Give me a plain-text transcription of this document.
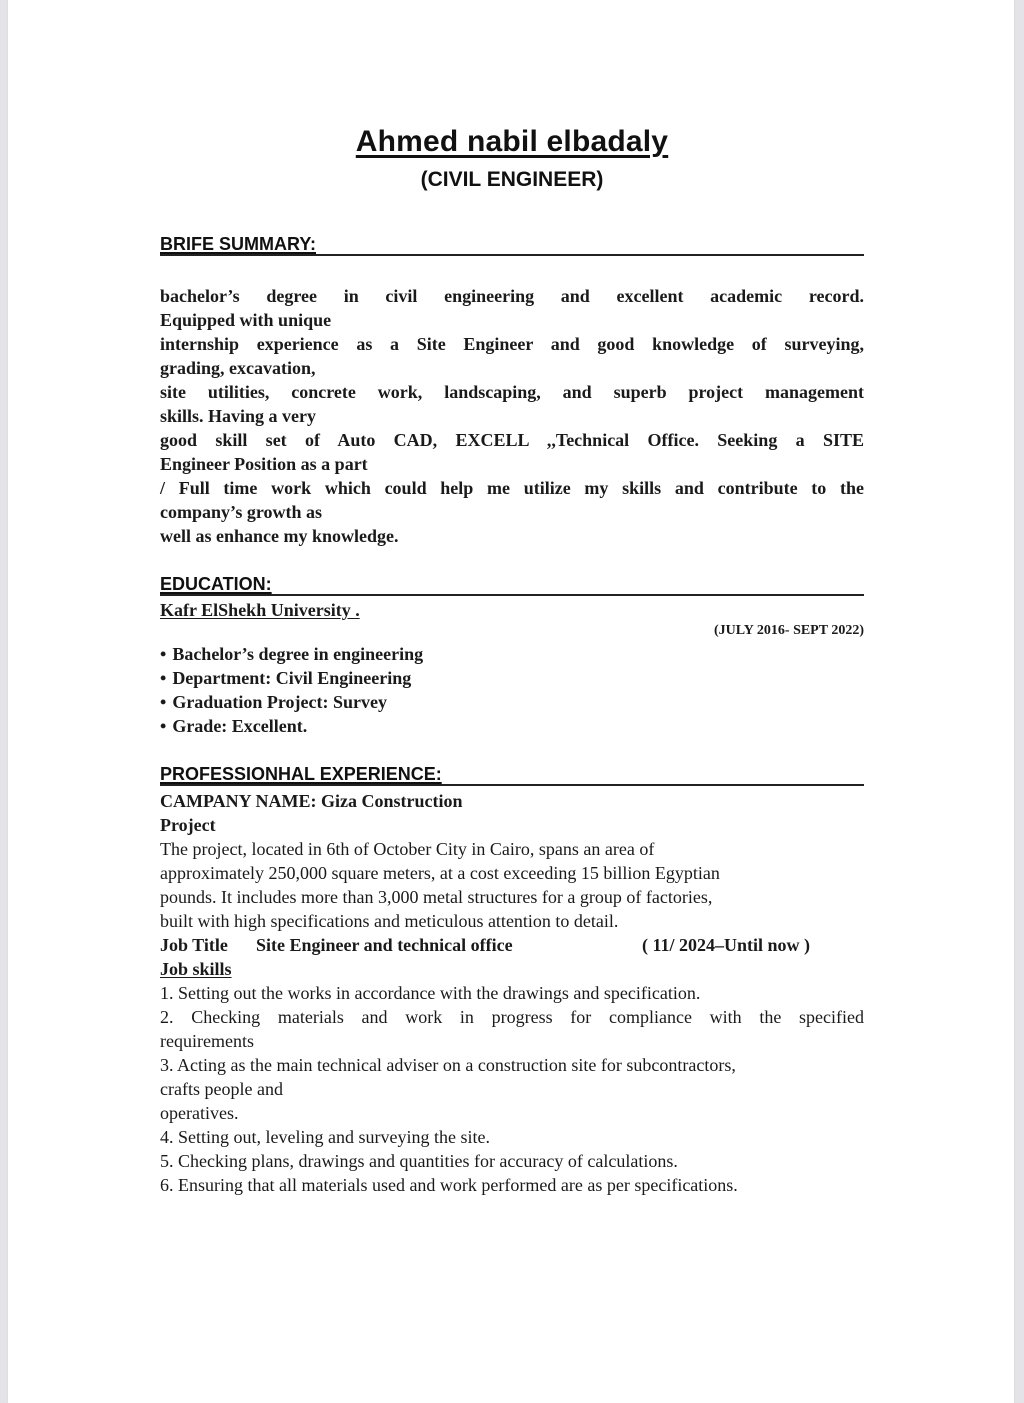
Ahmed nabil elbadaly
(CIVIL ENGINEER)
BRIFE SUMMARY:
bachelor’s degree in civil engineering and excellent academic record.
Equipped with unique
internship experience as a Site Engineer and good knowledge of surveying,
grading, excavation,
site utilities, concrete work, landscaping, and superb project management
skills. Having a very
good skill set of Auto CAD, EXCELL ,,Technical Office. Seeking a SITE
Engineer Position as a part
/ Full time work which could help me utilize my skills and contribute to the
company’s growth as
well as enhance my knowledge.
EDUCATION:
Kafr ElShekh University .
(JULY 2016- SEPT 2022)
• Bachelor’s degree in engineering
• Department: Civil Engineering
• Graduation Project: Survey
• Grade: Excellent.
PROFESSIONHAL EXPERIENCE:
CAMPANY NAME: Giza Construction
Project
The project, located in 6th of October City in Cairo, spans an area of
approximately 250,000 square meters, at a cost exceeding 15 billion Egyptian
pounds. It includes more than 3,000 metal structures for a group of factories,
built with high specifications and meticulous attention to detail.
Job Title Site Engineer and technical office	( 11/ 2024–Until now )
Job skills
1. Setting out the works in accordance with the drawings and specification.
2. Checking materials and work in progress for compliance with the specified
requirements
3. Acting as the main technical adviser on a construction site for subcontractors,
crafts people and
operatives.
4. Setting out, leveling and surveying the site.
5. Checking plans, drawings and quantities for accuracy of calculations.
6. Ensuring that all materials used and work performed are as per specifications.
